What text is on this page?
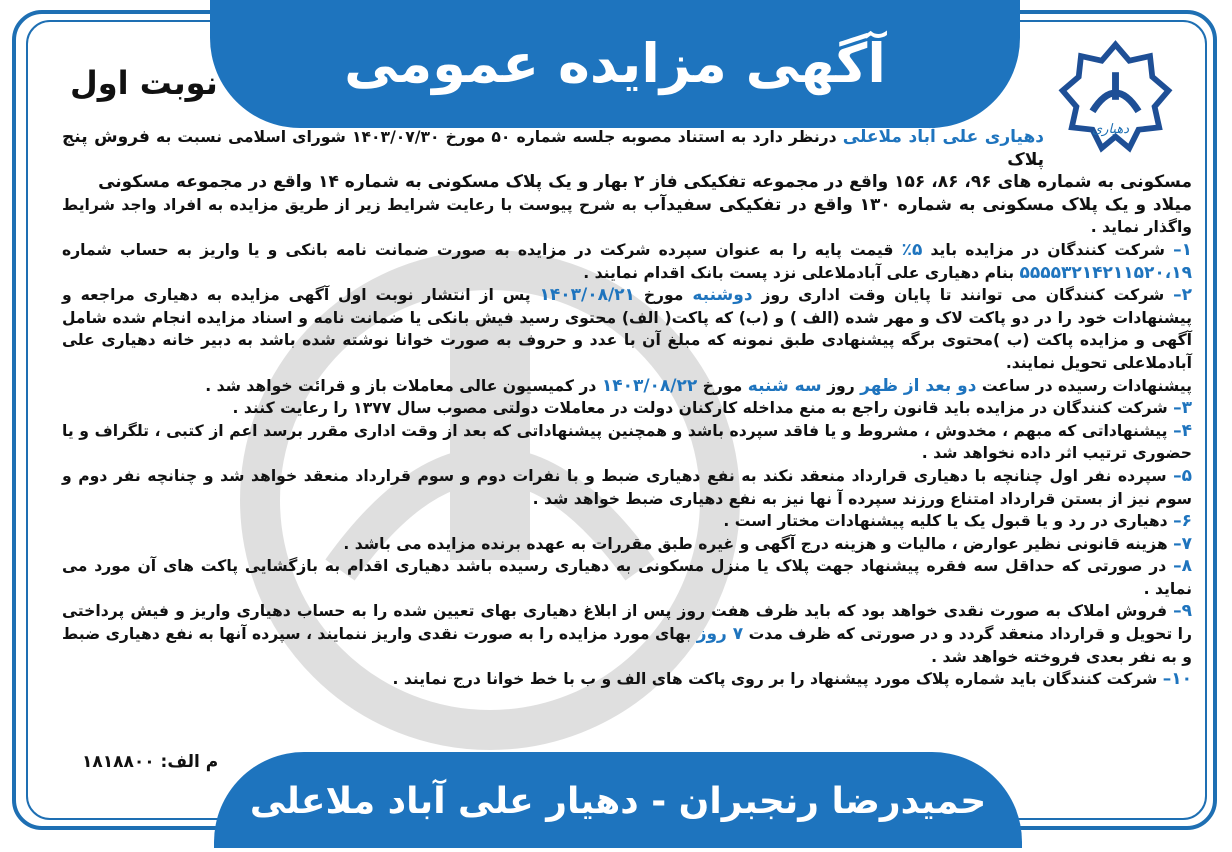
آگهی مزایده عمومی
نوبت اول
دهیاری

دهیاری علی آباد ملاعلی درنظر دارد به استناد مصوبه جلسه شماره ۵۰ مورخ ۱۴۰۳/۰۷/۳۰ شورای اسلامی نسبت به فروش پنج پلاک

مسکونی به شماره های ۹۶، ۸۶، ۱۵۶ واقع در مجموعه تفکیکی فاز ۲ بهار و یک پلاک مسکونی به شماره ۱۴ واقع در مجموعه مسکونی

میلاد و یک پلاک مسکونی به شماره ۱۳۰ واقع در تفکیکی سفیدآب به شرح پیوست با رعایت شرایط زیر از طریق مزایده به افراد واجد شرایط واگذار نماید .

۱– شرکت کنندگان در مزایده باید ۵٪ قیمت پایه را به عنوان سپرده شرکت در مزایده به صورت ضمانت نامه بانکی و یا واریز به حساب شماره ۵۵۵۵۳۲۱۴۲۱۱۵۲۰،۱۹ بنام دهیاری علی آبادملاعلی نزد پست بانک اقدام نمایند .

۲– شرکت کنندگان می توانند تا پایان وقت اداری روز دوشنبه مورخ ۱۴۰۳/۰۸/۲۱ پس از انتشار نوبت اول آگهی مزایده به دهیاری مراجعه و پیشنهادات خود را در دو پاکت لاک و مهر شده (الف ) و (ب) که پاکت( الف) محتوی رسید فیش بانکی یا ضمانت نامه و اسناد مزایده انجام شده شامل آگهی و مزایده پاکت (ب )محتوی برگه پیشنهادی طبق نمونه که مبلغ آن با عدد و حروف به صورت خوانا نوشته شده باشد به دبیر خانه دهیاری علی آبادملاعلی تحویل نمایند.

پیشنهادات رسیده در ساعت دو بعد از ظهر روز سه شنبه مورخ ۱۴۰۳/۰۸/۲۲ در کمیسیون عالی معاملات باز و قرائت خواهد شد .

۳– شرکت کنندگان در مزایده باید قانون راجع به منع مداخله کارکنان دولت در معاملات دولتی مصوب سال ۱۳۷۷ را رعایت کنند .

۴– پیشنهاداتی که مبهم ، مخدوش ، مشروط و یا فاقد سپرده باشد و همچنین پیشنهاداتی که بعد از وقت اداری مقرر برسد اعم از کتبی ، تلگراف و یا حضوری ترتیب اثر داده نخواهد شد .

۵– سپرده نفر اول چنانچه با دهیاری قرارداد منعقد نکند به نفع دهیاری ضبط و با نفرات دوم و سوم قرارداد منعقد خواهد شد و چنانچه نفر دوم و سوم نیز از بستن قرارداد امتناع ورزند سپرده آ نها نیز به نفع دهیاری ضبط خواهد شد .

۶– دهیاری در رد و یا قبول یک یا کلیه پیشنهادات مختار است .

۷– هزینه قانونی نظیر عوارض ، مالیات و هزینه درج آگهی و غیره طبق مقررات به عهده برنده مزایده می باشد .

۸– در صورتی که حداقل سه فقره پیشنهاد جهت پلاک یا منزل مسکونی به دهیاری رسیده باشد دهیاری اقدام به بازگشایی پاکت های آن مورد می نماید .

۹– فروش املاک به صورت نقدی خواهد بود که باید ظرف هفت روز پس از ابلاغ دهیاری بهای تعیین شده را به حساب دهیاری واریز و فیش پرداختی را تحویل و قرارداد منعقد گردد و در صورتی که ظرف مدت ۷ روز بهای مورد مزایده را به صورت نقدی واریز ننمایند ، سپرده آنها به نفع دهیاری ضبط و به نفر بعدی فروخته خواهد شد .

۱۰– شرکت کنندگان باید شماره پلاک مورد پیشنهاد را بر روی پاکت های الف و ب با خط خوانا درج نمایند .

م الف: ۱۸۱۸۸۰۰
حمیدرضا رنجبران - دهیار علی آباد ملاعلی
